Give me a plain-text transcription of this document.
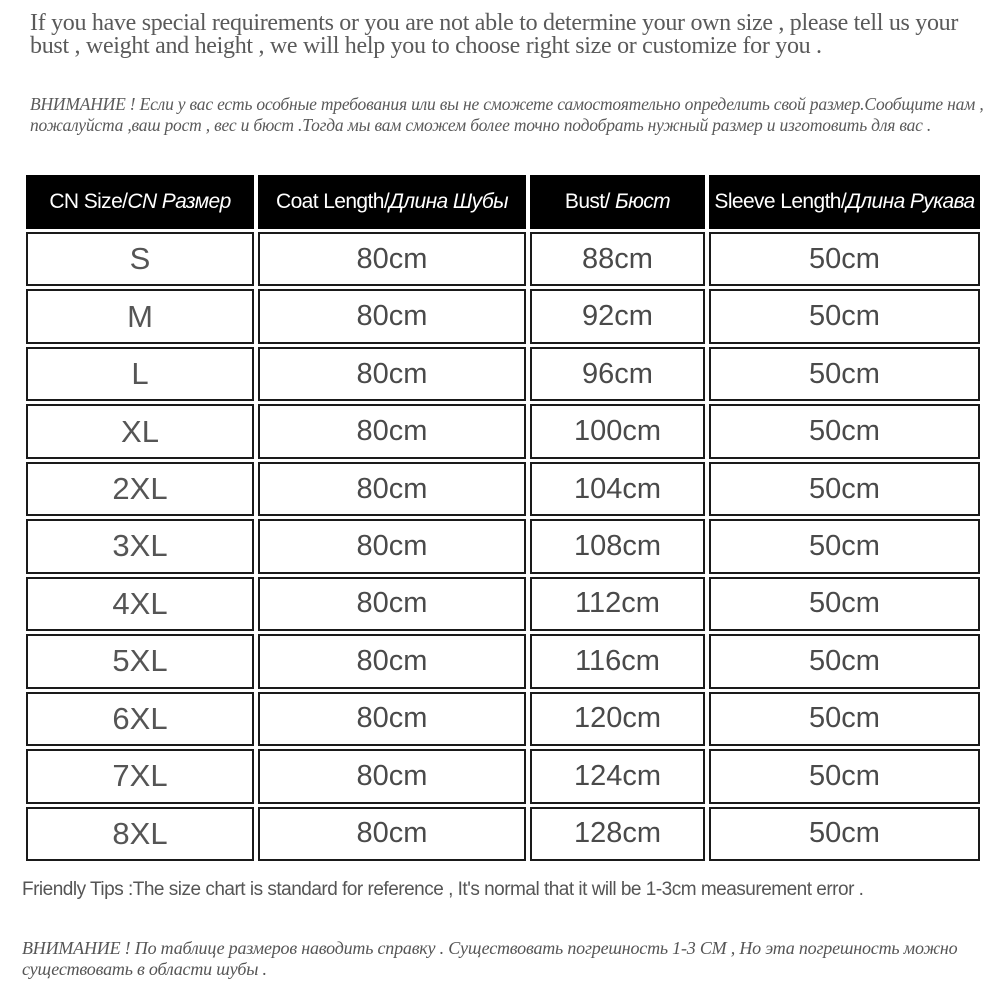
If you have special requirements or you are not able to determine your own size , please tell us your bust , weight and height , we will help you to choose right size or customize for you .

ВНИМАНИЕ ! Если у вас есть особные требования или вы не сможете самостоятельно определить свой размер.Сообщите нам , пожалуйста ,ваш рост , вес и бюст .Тогда мы вам сможем более точно подобрать нужный размер и изготовить для вас .

CN Size/CN Размер	Coat Length/Длина Шубы	Bust/ Бюст	Sleeve Length/Длина Рукава
S	80cm	88cm	50cm
M	80cm	92cm	50cm
L	80cm	96cm	50cm
XL	80cm	100cm	50cm
2XL	80cm	104cm	50cm
3XL	80cm	108cm	50cm
4XL	80cm	112cm	50cm
5XL	80cm	116cm	50cm
6XL	80cm	120cm	50cm
7XL	80cm	124cm	50cm
8XL	80cm	128cm	50cm

Friendly Tips :The size chart is standard for reference , It's normal that it will be 1-3cm measurement error .

ВНИМАНИЕ ! По таблице размеров наводить справку . Существовать погрешность 1-3 СМ , Но эта погрешность можно существовать в области шубы .
